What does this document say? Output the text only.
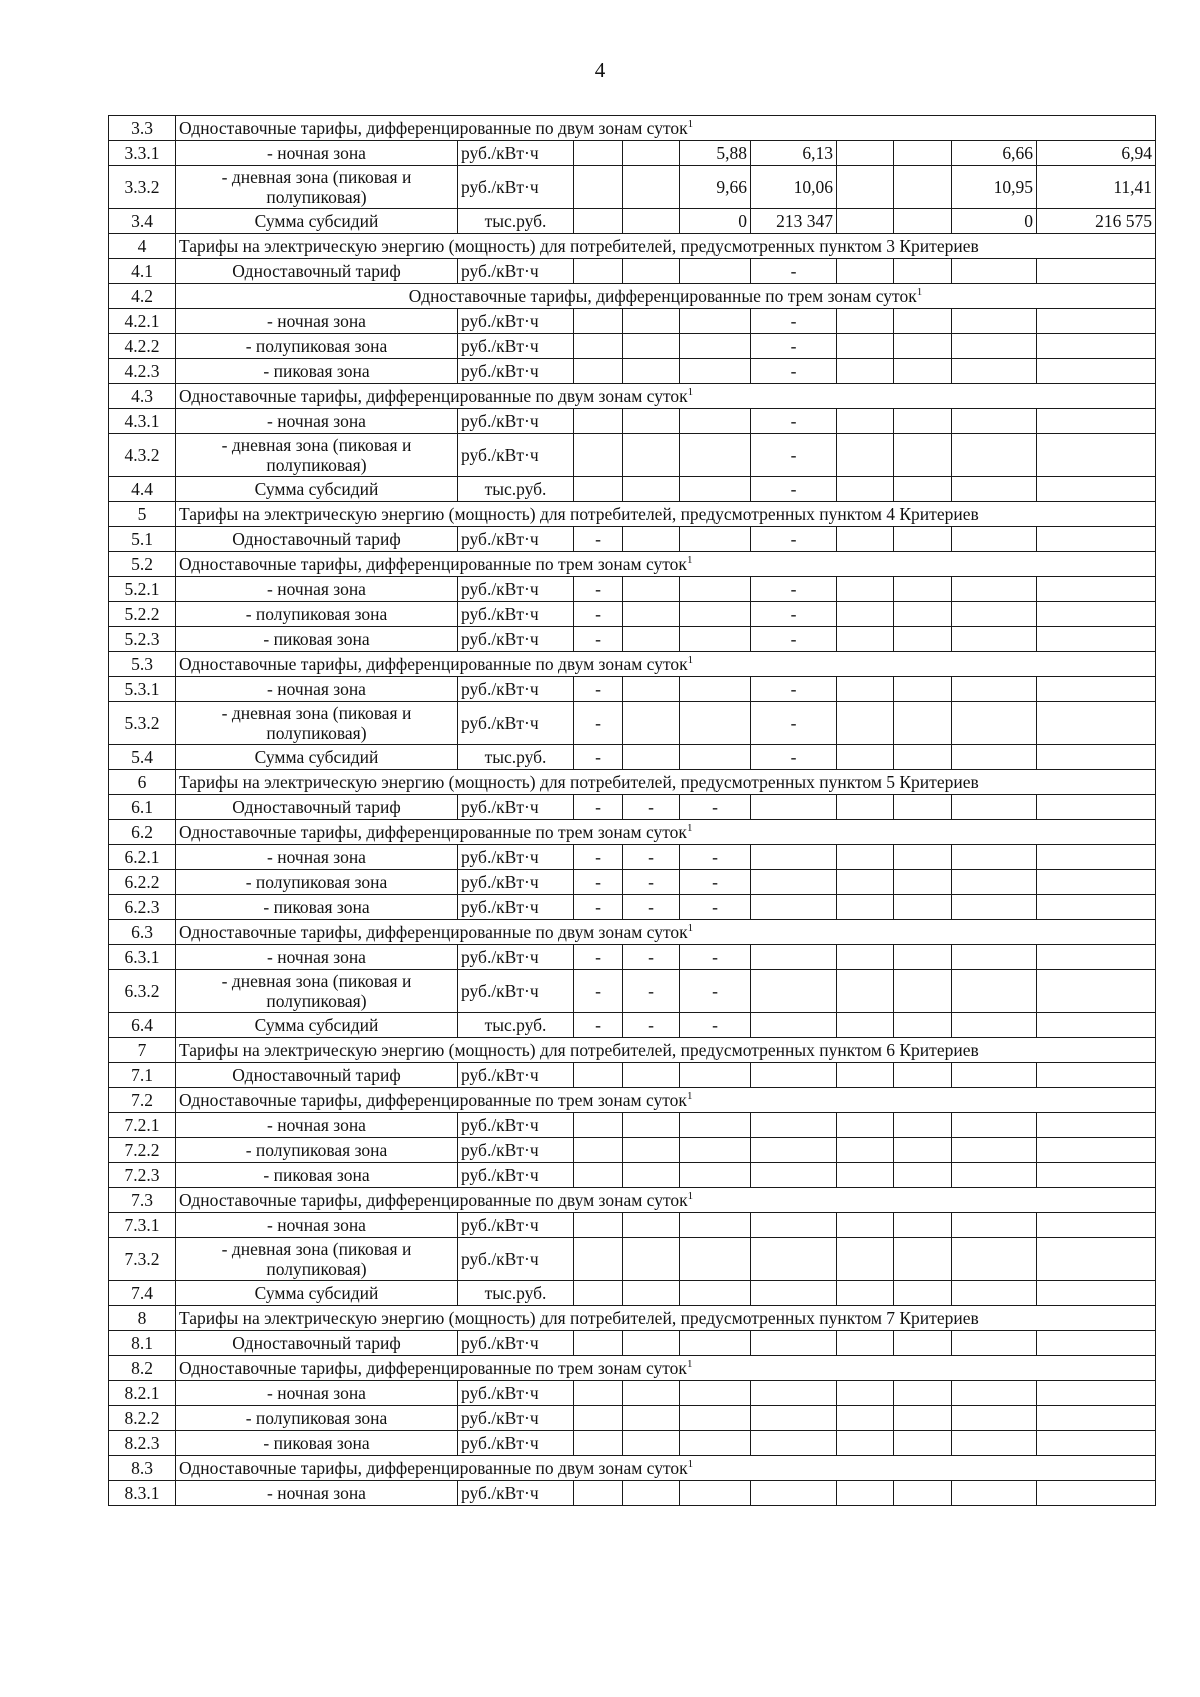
4
3.3	Одноставочные тарифы, дифференцированные по двум зонам суток$^1$
3.3.1	- ночная зона	руб./кВт·ч			5,88	6,13			6,66	6,94
3.3.2	- дневная зона (пиковая и полупиковая)	руб./кВт·ч			9,66	10,06			10,95	11,41
3.4	Сумма субсидий	тыс.руб.			0	213 347			0	216 575
4	Тарифы на электрическую энергию (мощность) для потребителей, предусмотренных пунктом 3 Критериев									
4.1	Одноставочный тариф	руб./кВт·ч				-				
4.2	Одноставочные тарифы, дифференцированные по трем зонам суток$^1$
4.2.1	- ночная зона	руб./кВт·ч				-				
4.2.2	- полупиковая зона	руб./кВт·ч				-				
4.2.3	- пиковая зона	руб./кВт·ч				-				
4.3	Одноставочные тарифы, дифференцированные по двум зонам суток$^1$
4.3.1	- ночная зона	руб./кВт·ч				-				
4.3.2	- дневная зона (пиковая и полупиковая)	руб./кВт·ч				-				
4.4	Сумма субсидий	тыс.руб.				-				
5	Тарифы на электрическую энергию (мощность) для потребителей, предусмотренных пунктом 4 Критериев									
5.1	Одноставочный тариф	руб./кВт·ч	-			-				
5.2	Одноставочные тарифы, дифференцированные по трем зонам суток$^1$
5.2.1	- ночная зона	руб./кВт·ч	-			-				
5.2.2	- полупиковая зона	руб./кВт·ч	-			-				
5.2.3	- пиковая зона	руб./кВт·ч	-			-				
5.3	Одноставочные тарифы, дифференцированные по двум зонам суток$^1$
5.3.1	- ночная зона	руб./кВт·ч	-			-				
5.3.2	- дневная зона (пиковая и полупиковая)	руб./кВт·ч	-			-				
5.4	Сумма субсидий	тыс.руб.	-			-				
6	Тарифы на электрическую энергию (мощность) для потребителей, предусмотренных пунктом 5 Критериев									
6.1	Одноставочный тариф	руб./кВт·ч	-	-	-					
6.2	Одноставочные тарифы, дифференцированные по трем зонам суток$^1$
6.2.1	- ночная зона	руб./кВт·ч	-	-	-					
6.2.2	- полупиковая зона	руб./кВт·ч	-	-	-					
6.2.3	- пиковая зона	руб./кВт·ч	-	-	-					
6.3	Одноставочные тарифы, дифференцированные по двум зонам суток$^1$
6.3.1	- ночная зона	руб./кВт·ч	-	-	-					
6.3.2	- дневная зона (пиковая и полупиковая)	руб./кВт·ч	-	-	-					
6.4	Сумма субсидий	тыс.руб.	-	-	-					
7	Тарифы на электрическую энергию (мощность) для потребителей, предусмотренных пунктом 6 Критериев									
7.1	Одноставочный тариф	руб./кВт·ч								
7.2	Одноставочные тарифы, дифференцированные по трем зонам суток$^1$
7.2.1	- ночная зона	руб./кВт·ч								
7.2.2	- полупиковая зона	руб./кВт·ч								
7.2.3	- пиковая зона	руб./кВт·ч								
7.3	Одноставочные тарифы, дифференцированные по двум зонам суток$^1$
7.3.1	- ночная зона	руб./кВт·ч								
7.3.2	- дневная зона (пиковая и полупиковая)	руб./кВт·ч								
7.4	Сумма субсидий	тыс.руб.								
8	Тарифы на электрическую энергию (мощность) для потребителей, предусмотренных пунктом 7 Критериев									
8.1	Одноставочный тариф	руб./кВт·ч								
8.2	Одноставочные тарифы, дифференцированные по трем зонам суток$^1$
8.2.1	- ночная зона	руб./кВт·ч								
8.2.2	- полупиковая зона	руб./кВт·ч								
8.2.3	- пиковая зона	руб./кВт·ч								
8.3	Одноставочные тарифы, дифференцированные по двум зонам суток$^1$
8.3.1	- ночная зона	руб./кВт·ч								
